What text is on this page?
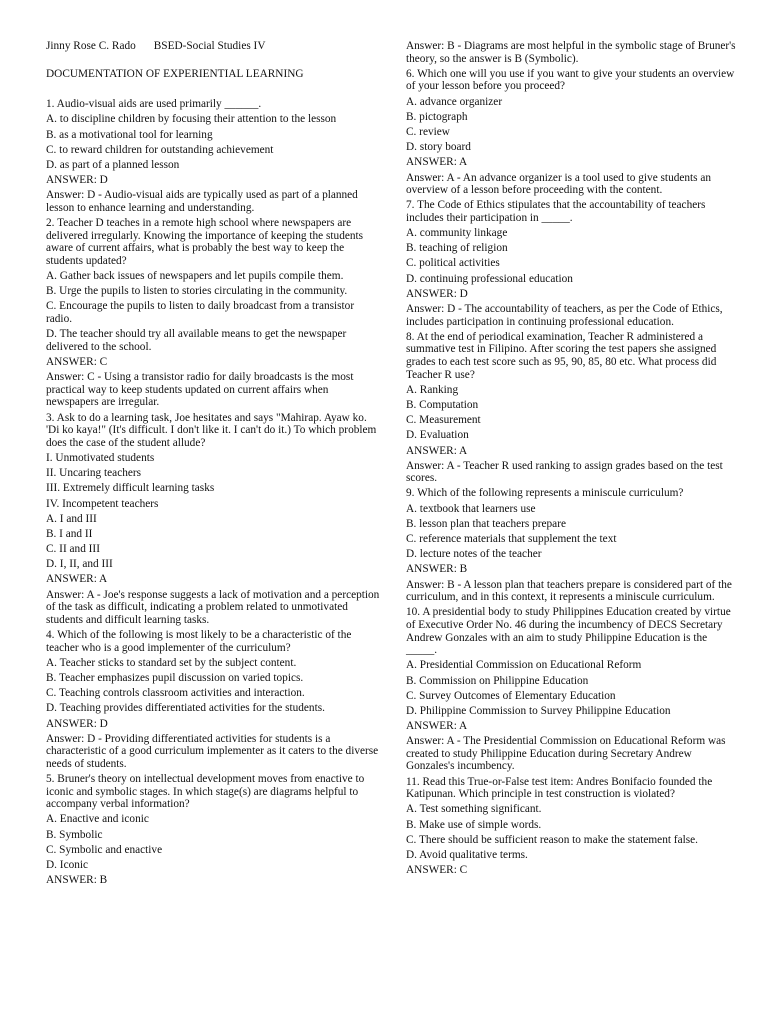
Jinny Rose C. Rado BSED-Social Studies IV

DOCUMENTATION OF EXPERIENTIAL LEARNING

1. Audio-visual aids are used primarily ______.

A. to discipline children by focusing their attention to the lesson

B. as a motivational tool for learning

C. to reward children for outstanding achievement

D. as part of a planned lesson

ANSWER: D

Answer: D - Audio-visual aids are typically used as part of a planned lesson to enhance learning and understanding.

2. Teacher D teaches in a remote high school where newspapers are delivered irregularly. Knowing the importance of keeping the students aware of current affairs, what is probably the best way to keep the students updated?

A. Gather back issues of newspapers and let pupils compile them.

B. Urge the pupils to listen to stories circulating in the community.

C. Encourage the pupils to listen to daily broadcast from a transistor radio.

D. The teacher should try all available means to get the newspaper delivered to the school.

ANSWER: C

Answer: C - Using a transistor radio for daily broadcasts is the most practical way to keep students updated on current affairs when newspapers are irregular.

3. Ask to do a learning task, Joe hesitates and says "Mahirap. Ayaw ko. 'Di ko kaya!" (It's difficult. I don't like it. I can't do it.) To which problem does the case of the student allude?

I. Unmotivated students

II. Uncaring teachers

III. Extremely difficult learning tasks

IV. Incompetent teachers

A. I and III

B. I and II

C. II and III

D. I, II, and III

ANSWER: A

Answer: A - Joe's response suggests a lack of motivation and a perception of the task as difficult, indicating a problem related to unmotivated students and difficult learning tasks.

4. Which of the following is most likely to be a characteristic of the teacher who is a good implementer of the curriculum?

A. Teacher sticks to standard set by the subject content.

B. Teacher emphasizes pupil discussion on varied topics.

C. Teaching controls classroom activities and interaction.

D. Teaching provides differentiated activities for the students.

ANSWER: D

Answer: D - Providing differentiated activities for students is a characteristic of a good curriculum implementer as it caters to the diverse needs of students.

5. Bruner's theory on intellectual development moves from enactive to iconic and symbolic stages. In which stage(s) are diagrams helpful to accompany verbal information?

A. Enactive and iconic

B. Symbolic

C. Symbolic and enactive

D. Iconic

ANSWER: B

Answer: B - Diagrams are most helpful in the symbolic stage of Bruner's theory, so the answer is B (Symbolic).

6. Which one will you use if you want to give your students an overview of your lesson before you proceed?

A. advance organizer

B. pictograph

C. review

D. story board

ANSWER: A

Answer: A - An advance organizer is a tool used to give students an overview of a lesson before proceeding with the content.

7. The Code of Ethics stipulates that the accountability of teachers includes their participation in _____.

A. community linkage

B. teaching of religion

C. political activities

D. continuing professional education

ANSWER: D

Answer: D - The accountability of teachers, as per the Code of Ethics, includes participation in continuing professional education.

8. At the end of periodical examination, Teacher R administered a summative test in Filipino. After scoring the test papers she assigned grades to each test score such as 95, 90, 85, 80 etc. What process did Teacher R use?

A. Ranking

B. Computation

C. Measurement

D. Evaluation

ANSWER: A

Answer: A - Teacher R used ranking to assign grades based on the test scores.

9. Which of the following represents a miniscule curriculum?

A. textbook that learners use

B. lesson plan that teachers prepare

C. reference materials that supplement the text

D. lecture notes of the teacher

ANSWER: B

Answer: B - A lesson plan that teachers prepare is considered part of the curriculum, and in this context, it represents a miniscule curriculum.

10. A presidential body to study Philippines Education created by virtue of Executive Order No. 46 during the incumbency of DECS Secretary Andrew Gonzales with an aim to study Philippine Education is the _____.

A. Presidential Commission on Educational Reform

B. Commission on Philippine Education

C. Survey Outcomes of Elementary Education

D. Philippine Commission to Survey Philippine Education

ANSWER: A

Answer: A - The Presidential Commission on Educational Reform was created to study Philippine Education during Secretary Andrew Gonzales's incumbency.

11. Read this True-or-False test item: Andres Bonifacio founded the Katipunan. Which principle in test construction is violated?

A. Test something significant.

B. Make use of simple words.

C. There should be sufficient reason to make the statement false.

D. Avoid qualitative terms.

ANSWER: C
